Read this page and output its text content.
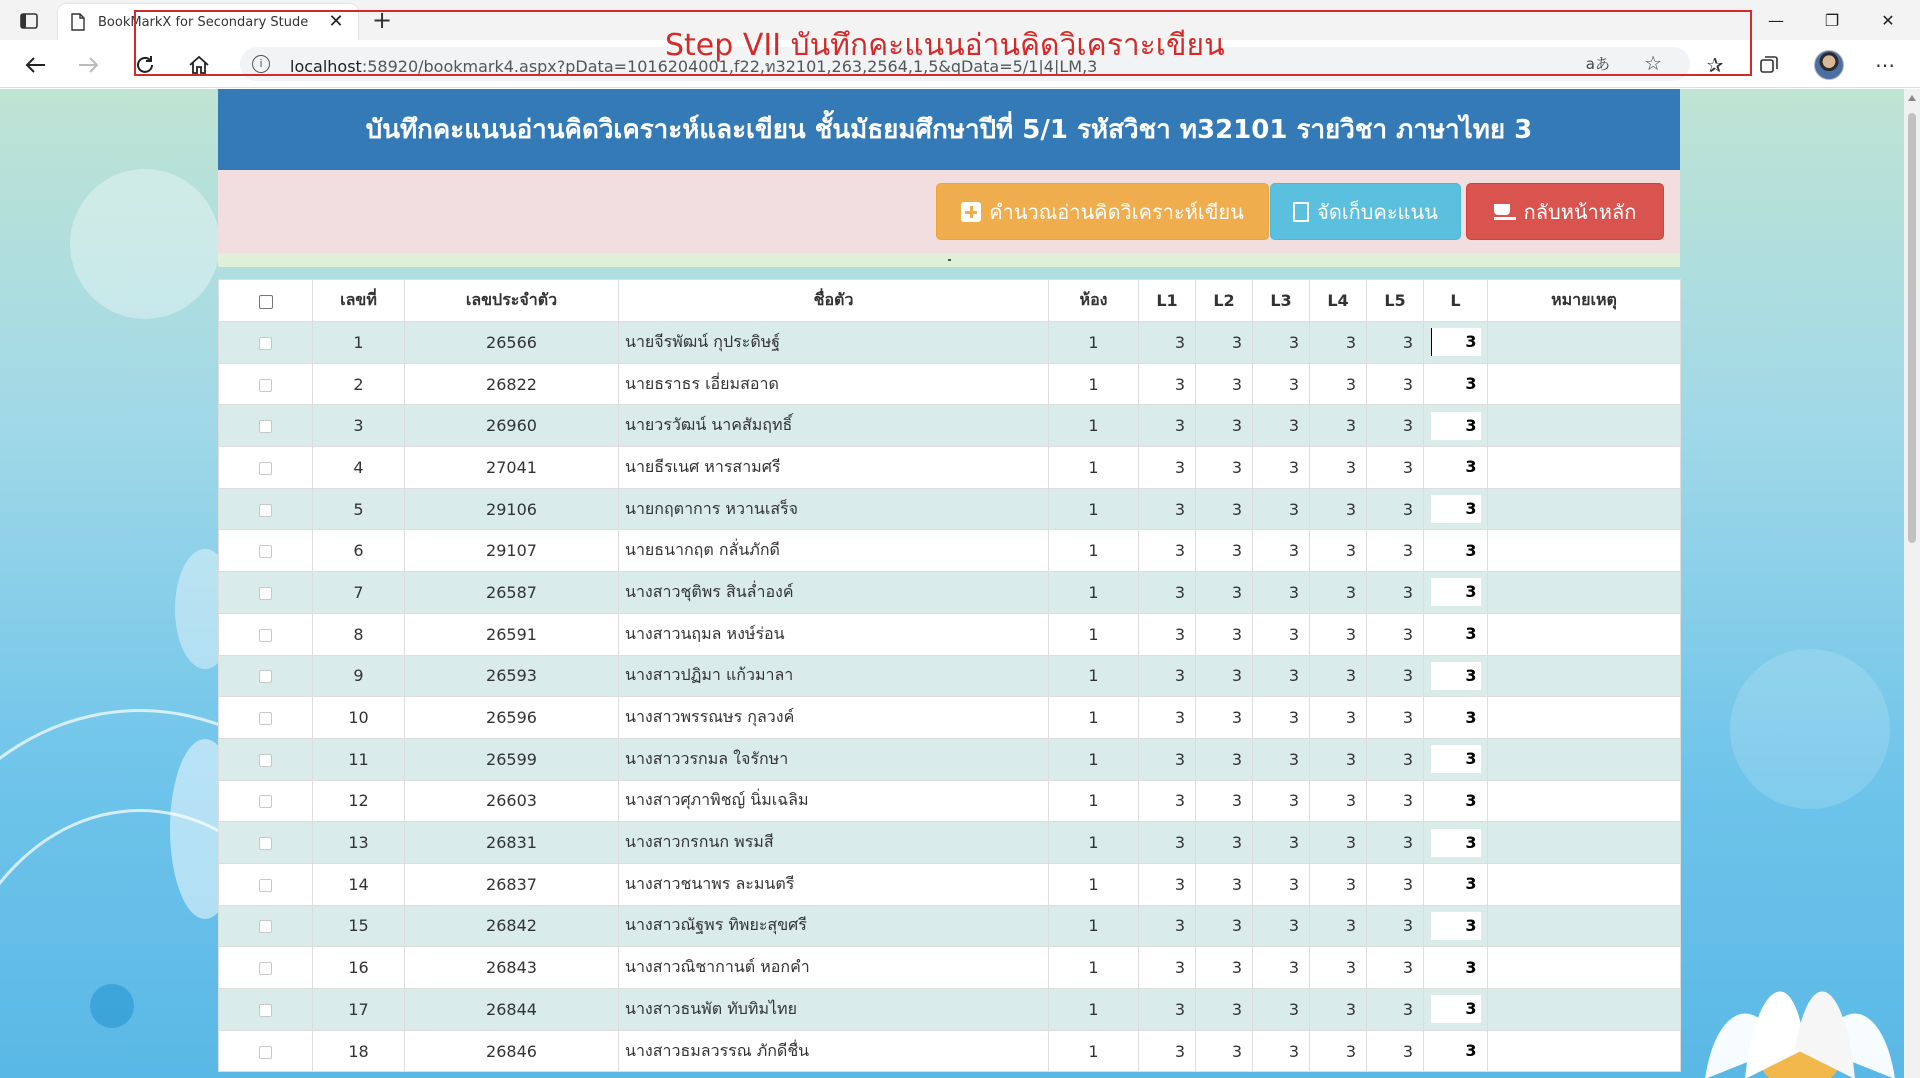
BookMarkX for Secondary Stude	✕ +	—	❐	✕
i	localhost:58920/bookmark4.aspx?pData=1016204001,f22,ท32101,263,2564,1,5&qData=5/1|4|LM,3	aあ ☆	✰	⋯
Step VII บันทึกคะแนนอ่านคิดวิเคราะเขียน
บันทึกคะแนนอ่านคิดวิเคราะห์และเขียน ชั้นมัธยมศึกษาปีที่ 5/1 รหัสวิชา ท32101 รายวิชา ภาษาไทย 3
คำนวณอ่านคิดวิเคราะห์เขียน	จัดเก็บคะแนน	กลับหน้าหลัก
	เลขที่	เลขประจำตัว	ชื่อตัว	ห้อง	L1	L2	L3	L4	L5	L	หมายเหตุ
	1	26566	นายจีรพัฒน์ กุประดิษฐ์	1	3	3	3	3	3	3	
	2	26822	นายธราธร เอี่ยมสอาด	1	3	3	3	3	3	3	
	3	26960	นายวรวัฒน์ นาคสัมฤทธิ์	1	3	3	3	3	3	3	
	4	27041	นายธีรเนศ หารสามศรี	1	3	3	3	3	3	3	
	5	29106	นายกฤตาการ หวานเสร็จ	1	3	3	3	3	3	3	
	6	29107	นายธนากฤต กลั่นภักดี	1	3	3	3	3	3	3	
	7	26587	นางสาวชุติพร สินล่ำองค์	1	3	3	3	3	3	3	
	8	26591	นางสาวนฤมล หงษ์ร่อน	1	3	3	3	3	3	3	
	9	26593	นางสาวปฏิมา แก้วมาลา	1	3	3	3	3	3	3	
	10	26596	นางสาวพรรณษร กุลวงค์	1	3	3	3	3	3	3	
	11	26599	นางสาววรกมล ใจรักษา	1	3	3	3	3	3	3	
	12	26603	นางสาวศุภาพิชญ์ นิ่มเฉลิม	1	3	3	3	3	3	3	
	13	26831	นางสาวกรกนก พรมสี	1	3	3	3	3	3	3	
	14	26837	นางสาวชนาพร ละมนตรี	1	3	3	3	3	3	3	
	15	26842	นางสาวณัฐพร ทิพยะสุขศรี	1	3	3	3	3	3	3	
	16	26843	นางสาวณิชากานต์ หอกคำ	1	3	3	3	3	3	3	
	17	26844	นางสาวธนพัต ทับทิมไทย	1	3	3	3	3	3	3	
	18	26846	นางสาวธมลวรรณ ภักดีชื่น	1	3	3	3	3	3	3	
